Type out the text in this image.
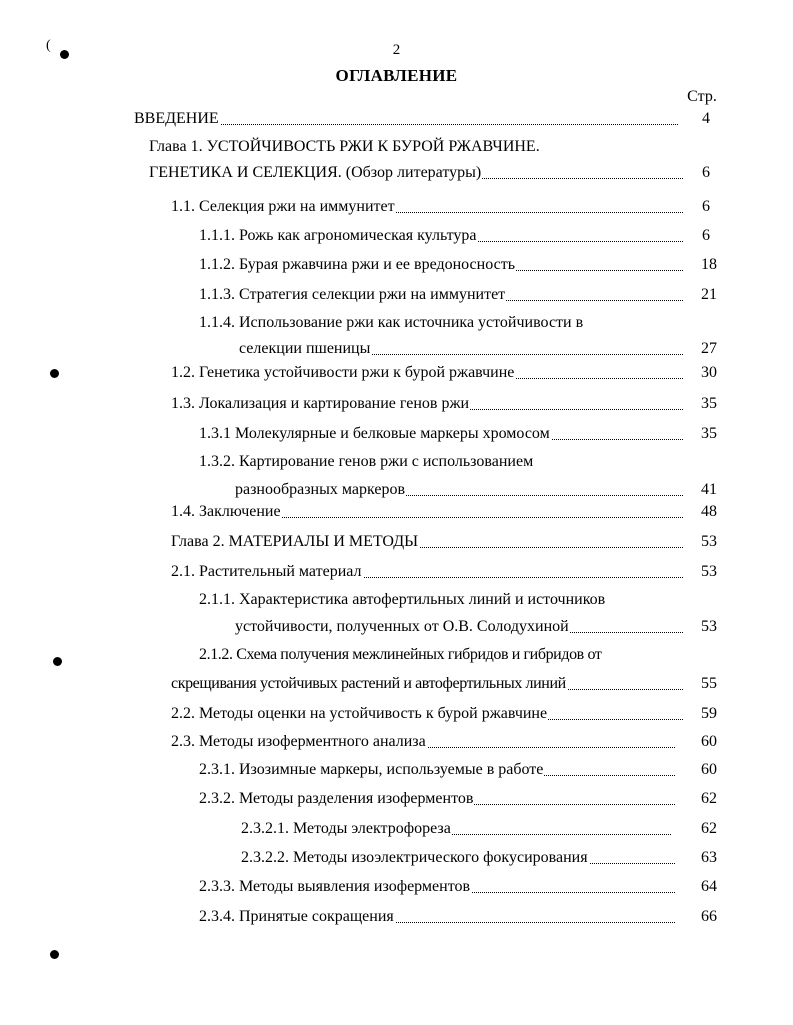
2
ОГЛАВЛЕНИЕ
Стр.
ВВЕДЕНИЕ	4
Глава 1. УСТОЙЧИВОСТЬ РЖИ К БУРОЙ РЖАВЧИНЕ.
ГЕНЕТИКА И СЕЛЕКЦИЯ. (Обзор литературы)	6
1.1. Селекция ржи на иммунитет	6
1.1.1. Рожь как агрономическая культура	6
1.1.2. Бурая ржавчина ржи и ее вредоносность	18
1.1.3. Стратегия селекции ржи на иммунитет	21
1.1.4. Использование ржи как источника устойчивости в
селекции пшеницы	27
1.2. Генетика устойчивости ржи к бурой ржавчине	30
1.3. Локализация и картирование генов ржи	35
1.3.1 Молекулярные и белковые маркеры хромосом	35
1.3.2. Картирование генов ржи с использованием
разнообразных маркеров	41
1.4. Заключение	48
Глава 2. МАТЕРИАЛЫ И МЕТОДЫ	53
2.1. Растительный материал	53
2.1.1. Характеристика автофертильных линий и источников
устойчивости, полученных от О.В. Солодухиной	53
2.1.2. Схема получения межлинейных гибридов и гибридов от
скрещивания устойчивых растений и автофертильных линий	55
2.2. Методы оценки на устойчивость к бурой ржавчине	59
2.3. Методы изоферментного анализа	60
2.3.1. Изозимные маркеры, используемые в работе	60
2.3.2. Методы разделения изоферментов	62
2.3.2.1. Методы электрофореза	62
2.3.2.2. Методы изоэлектрического фокусирования	63
2.3.3. Методы выявления изоферментов	64
2.3.4. Принятые сокращения	66
(
